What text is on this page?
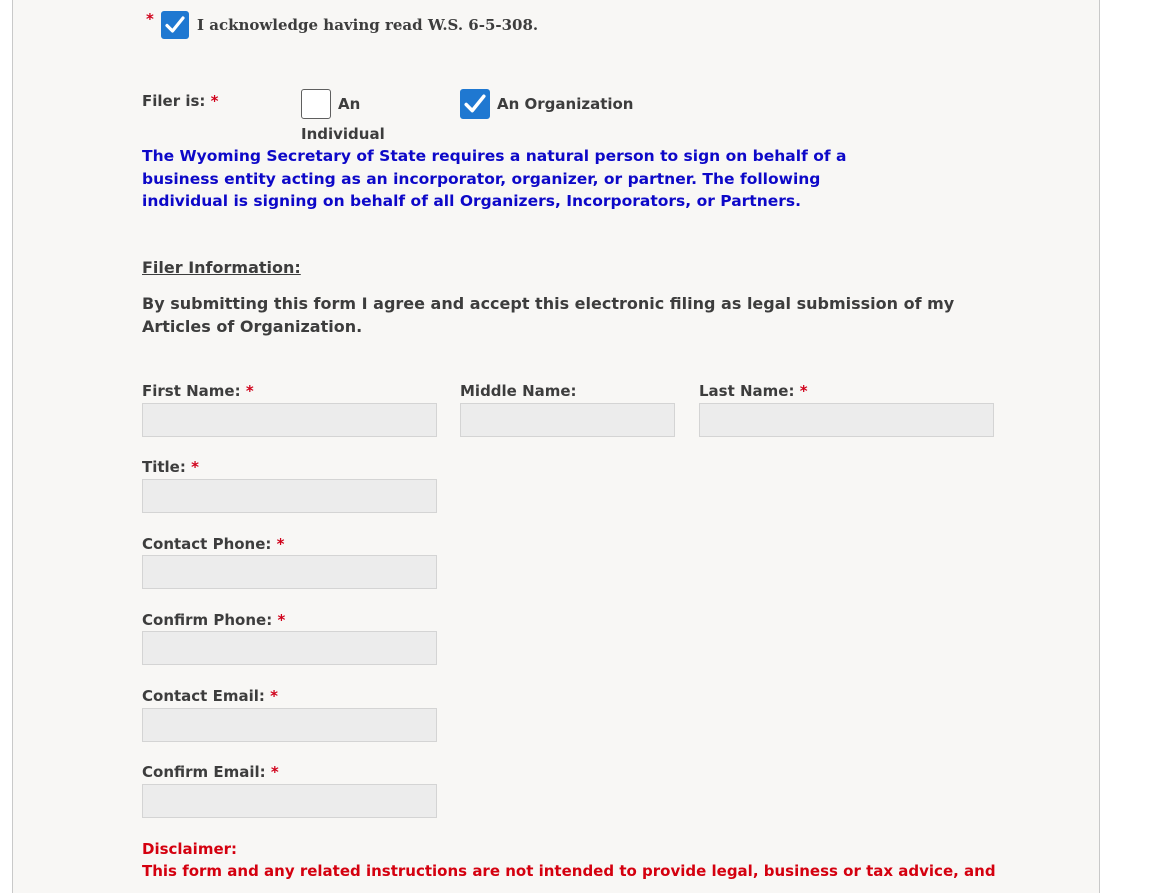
*	I acknowledge having read W.S. 6-5-308.
Filer is: *	An
Individual
An Organization
The Wyoming Secretary of State requires a natural person to sign on behalf of a
business entity acting as an incorporator, organizer, or partner. The following
individual is signing on behalf of all Organizers, Incorporators, or Partners.
Filer Information:
By submitting this form I agree and accept this electronic filing as legal submission of my
Articles of Organization.
First Name: *	Middle Name:	Last Name: *
Title: *
Contact Phone: *
Confirm Phone: *
Contact Email: *
Confirm Email: *
Disclaimer:
This form and any related instructions are not intended to provide legal, business or tax advice, and
